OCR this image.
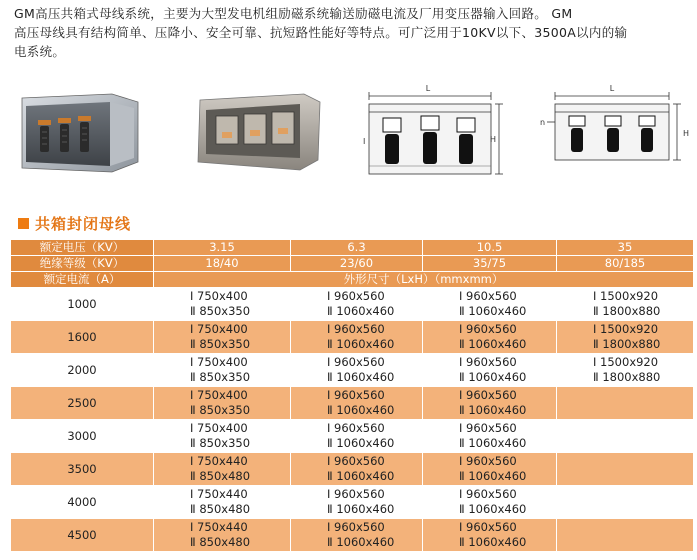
GM高压共箱式母线系统，主要为大型发电机组励磁系统输送励磁电流及厂用变压器输入回路。 GM

高压母线具有结构简单、压降小、安全可靠、抗短路性能好等特点。可广泛用于10KV以下、3500A以内的输

电系统。

L
H
I
L
H
n
共箱封闭母线
额定电压（KV）	3.15	6.3	10.5	35
绝缘等级（KV）	18/40	23/60	35/75	80/185
额定电流（A）	外形尺寸（LxH）（mmxmm）			
1000	Ⅰ 750x400
Ⅱ 850x350	Ⅰ 960x560
Ⅱ 1060x460	Ⅰ 960x560
Ⅱ 1060x460	Ⅰ 1500x920
Ⅱ 1800x880

1600	Ⅰ 750x400
Ⅱ 850x350	Ⅰ 960x560
Ⅱ 1060x460	Ⅰ 960x560
Ⅱ 1060x460	Ⅰ 1500x920
Ⅱ 1800x880

2000	Ⅰ 750x400
Ⅱ 850x350	Ⅰ 960x560
Ⅱ 1060x460	Ⅰ 960x560
Ⅱ 1060x460	Ⅰ 1500x920
Ⅱ 1800x880

2500	Ⅰ 750x400
Ⅱ 850x350	Ⅰ 960x560
Ⅱ 1060x460	Ⅰ 960x560
Ⅱ 1060x460	

3000	Ⅰ 750x400
Ⅱ 850x350	Ⅰ 960x560
Ⅱ 1060x460	Ⅰ 960x560
Ⅱ 1060x460	

3500	Ⅰ 750x440
Ⅱ 850x480	Ⅰ 960x560
Ⅱ 1060x460	Ⅰ 960x560
Ⅱ 1060x460	

4000	Ⅰ 750x440
Ⅱ 850x480	Ⅰ 960x560
Ⅱ 1060x460	Ⅰ 960x560
Ⅱ 1060x460	

4500	Ⅰ 750x440
Ⅱ 850x480	Ⅰ 960x560
Ⅱ 1060x460	Ⅰ 960x560
Ⅱ 1060x460	
